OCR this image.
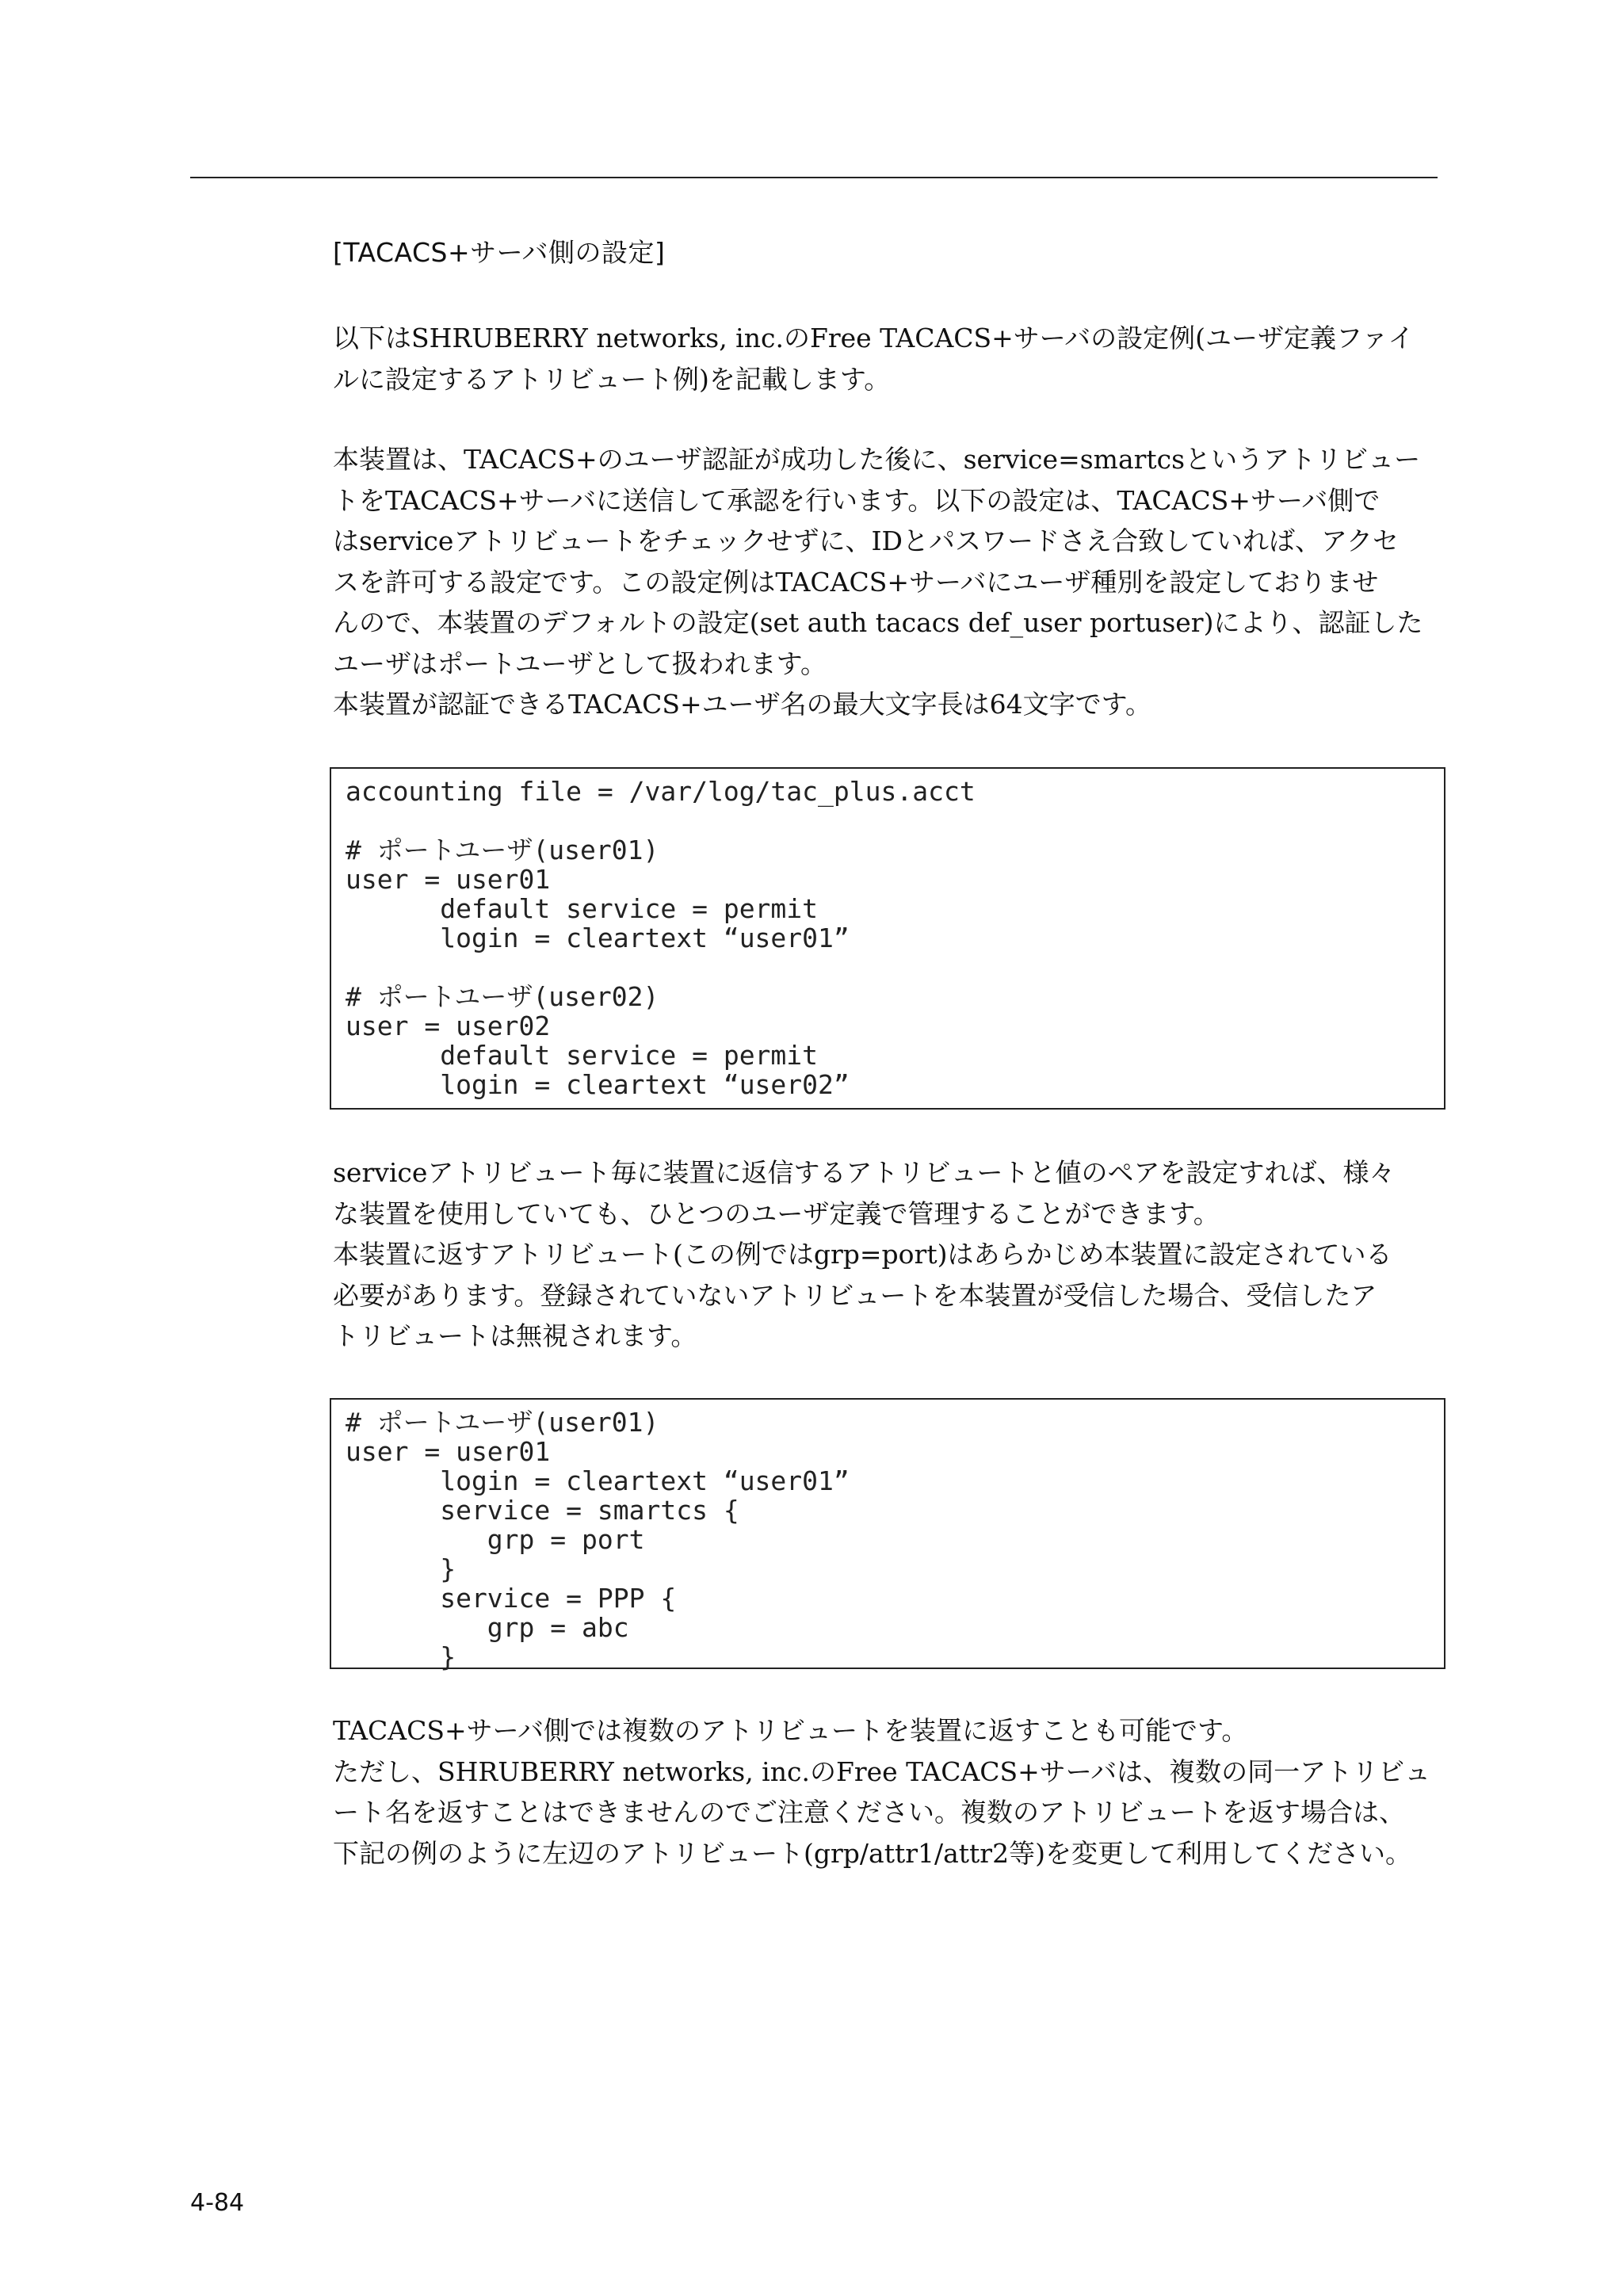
[TACACS+サーバ側の設定]
以下はSHRUBERRY networks, inc.のFree TACACS+サーバの設定例(ユーザ定義ファイ
ルに設定するアトリビュート例)を記載します。
本装置は、TACACS+のユーザ認証が成功した後に、service=smartcsというアトリビュー
トをTACACS+サーバに送信して承認を行います。以下の設定は、TACACS+サーバ側で
はserviceアトリビュートをチェックせずに、IDとパスワードさえ合致していれば、アクセ
スを許可する設定です。この設定例はTACACS+サーバにユーザ種別を設定しておりませ
んので、本装置のデフォルトの設定(set auth tacacs def_user portuser)により、認証した
ユーザはポートユーザとして扱われます。
本装置が認証できるTACACS+ユーザ名の最大文字長は64文字です。
accounting file = /var/log/tac_plus.acct
# ポートユーザ(user01)
user = user01
default service = permit
login = cleartext “user01”
# ポートユーザ(user02)
user = user02
default service = permit
login = cleartext “user02”
serviceアトリビュート毎に装置に返信するアトリビュートと値のペアを設定すれば、様々
な装置を使用していても、ひとつのユーザ定義で管理することができます。
本装置に返すアトリビュート(この例ではgrp=port)はあらかじめ本装置に設定されている
必要があります。登録されていないアトリビュートを本装置が受信した場合、受信したア
トリビュートは無視されます。
# ポートユーザ(user01)
user = user01
login = cleartext “user01”
service = smartcs {
grp = port
}
service = PPP {
grp = abc
}
TACACS+サーバ側では複数のアトリビュートを装置に返すことも可能です。
ただし、SHRUBERRY networks, inc.のFree TACACS+サーバは、複数の同一アトリビュ
ート名を返すことはできませんのでご注意ください。複数のアトリビュートを返す場合は、
下記の例のように左辺のアトリビュート(grp/attr1/attr2等)を変更して利用してください。
4-84
